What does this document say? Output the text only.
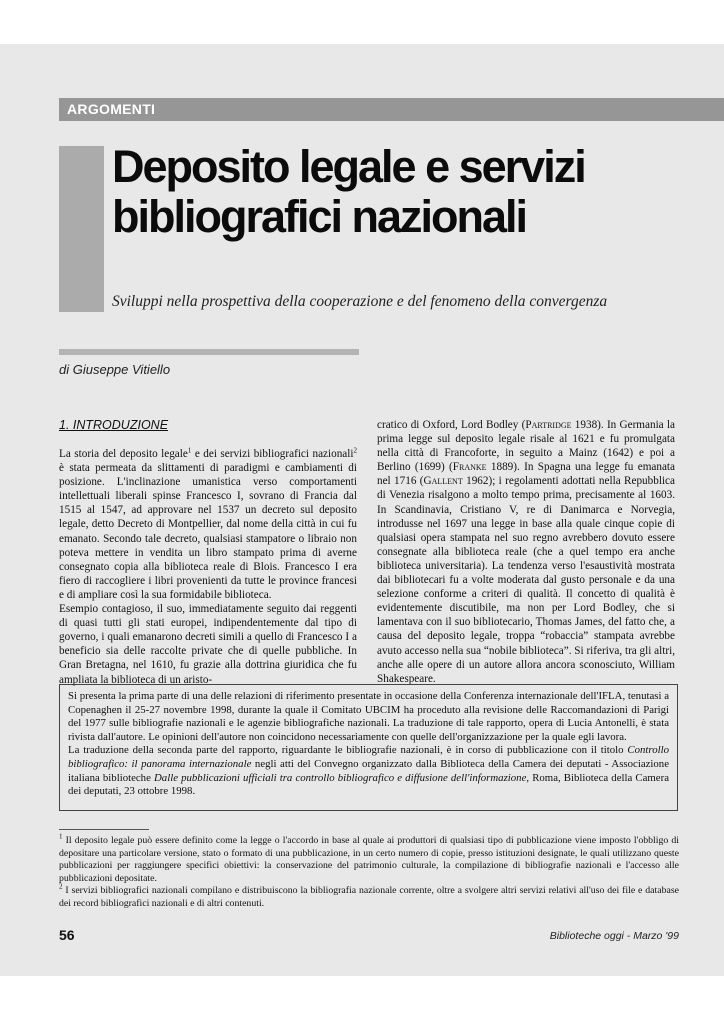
ARGOMENTI
Deposito legale e servizi
bibliografici nazionali
Sviluppi nella prospettiva della cooperazione e del fenomeno della convergenza
di Giuseppe Vitiello
1. INTRODUZIONE

La storia del deposito legale$^1$ e dei servizi bibliografici nazionali$^2$ è stata permeata da slittamenti di paradigmi e cambiamenti di posizione. L'inclinazione umanistica verso comportamenti intellettuali liberali spinse Francesco I, sovrano di Francia dal 1515 al 1547, ad approvare nel 1537 un decreto sul deposito legale, detto Decreto di Montpellier, dal nome della città in cui fu emanato. Secondo tale decreto, qualsiasi stampatore o libraio non poteva mettere in vendita un libro stampato prima di averne consegnato copia alla biblioteca reale di Blois. Francesco I era fiero di raccogliere i libri provenienti da tutte le province francesi e di ampliare così la sua formidabile biblioteca.

Esempio contagioso, il suo, immediatamente seguito dai reggenti di quasi tutti gli stati europei, indipendentemente dal tipo di governo, i quali emanarono decreti simili a quello di Francesco I a beneficio sia delle raccolte private che di quelle pubbliche. In Gran Bretagna, nel 1610, fu grazie alla dottrina giuridica che fu ampliata la biblioteca di un aristo-

cratico di Oxford, Lord Bodley (Partridge 1938). In Germania la prima legge sul deposito legale risale al 1621 e fu promulgata nella città di Francoforte, in seguito a Mainz (1642) e poi a Berlino (1699) (Franke 1889). In Spagna una legge fu emanata nel 1716 (Gallent 1962); i regolamenti adottati nella Repubblica di Venezia risalgono a molto tempo prima, precisamente al 1603. In Scandinavia, Cristiano V, re di Danimarca e Norvegia, introdusse nel 1697 una legge in base alla quale cinque copie di qualsiasi opera stampata nel suo regno avrebbero dovuto essere consegnate alla biblioteca reale (che a quel tempo era anche biblioteca universitaria). La tendenza verso l'esaustività mostrata dai bibliotecari fu a volte moderata dal gusto personale e da una selezione conforme a criteri di qualità. Il concetto di qualità è evidentemente discutibile, ma non per Lord Bodley, che si lamentava con il suo bibliotecario, Thomas James, del fatto che, a causa del deposito legale, troppa “robaccia” stampata avrebbe avuto accesso nella sua “nobile biblioteca”. Si riferiva, tra gli altri, anche alle opere di un autore allora ancora sconosciuto, William Shakespeare.

Si presenta la prima parte di una delle relazioni di riferimento presentate in occasione della Conferenza internazionale dell'IFLA, tenutasi a Copenaghen il 25-27 novembre 1998, durante la quale il Comitato UBCIM ha proceduto alla revisione delle Raccomandazioni di Parigi del 1977 sulle bibliografie nazionali e le agenzie bibliografiche nazionali. La traduzione di tale rapporto, opera di Lucia Antonelli, è stata rivista dall'autore. Le opinioni dell'autore non coincidono necessariamente con quelle dell'organizzazione per la quale egli lavora.

La traduzione della seconda parte del rapporto, riguardante le bibliografie nazionali, è in corso di pubblicazione con il titolo Controllo bibliografico: il panorama internazionale negli atti del Convegno organizzato dalla Biblioteca della Camera dei deputati - Associazione italiana biblioteche Dalle pubblicazioni ufficiali tra controllo bibliografico e diffusione dell'informazione, Roma, Biblioteca della Camera dei deputati, 23 ottobre 1998.

$^1$ Il deposito legale può essere definito come la legge o l'accordo in base al quale ai produttori di qualsiasi tipo di pubblicazione viene imposto l'obbligo di depositare una particolare versione, stato o formato di una pubblicazione, in un certo numero di copie, presso istituzioni designate, le quali utilizzano queste pubblicazioni per raggiungere specifici obiettivi: la conservazione del patrimonio culturale, la compilazione di bibliografie nazionali e l'accesso alle pubblicazioni depositate.

$^2$ I servizi bibliografici nazionali compilano e distribuiscono la bibliografia nazionale corrente, oltre a svolgere altri servizi relativi all'uso dei file e database dei record bibliografici nazionali e di altri contenuti.

56	Biblioteche oggi - Marzo '99
